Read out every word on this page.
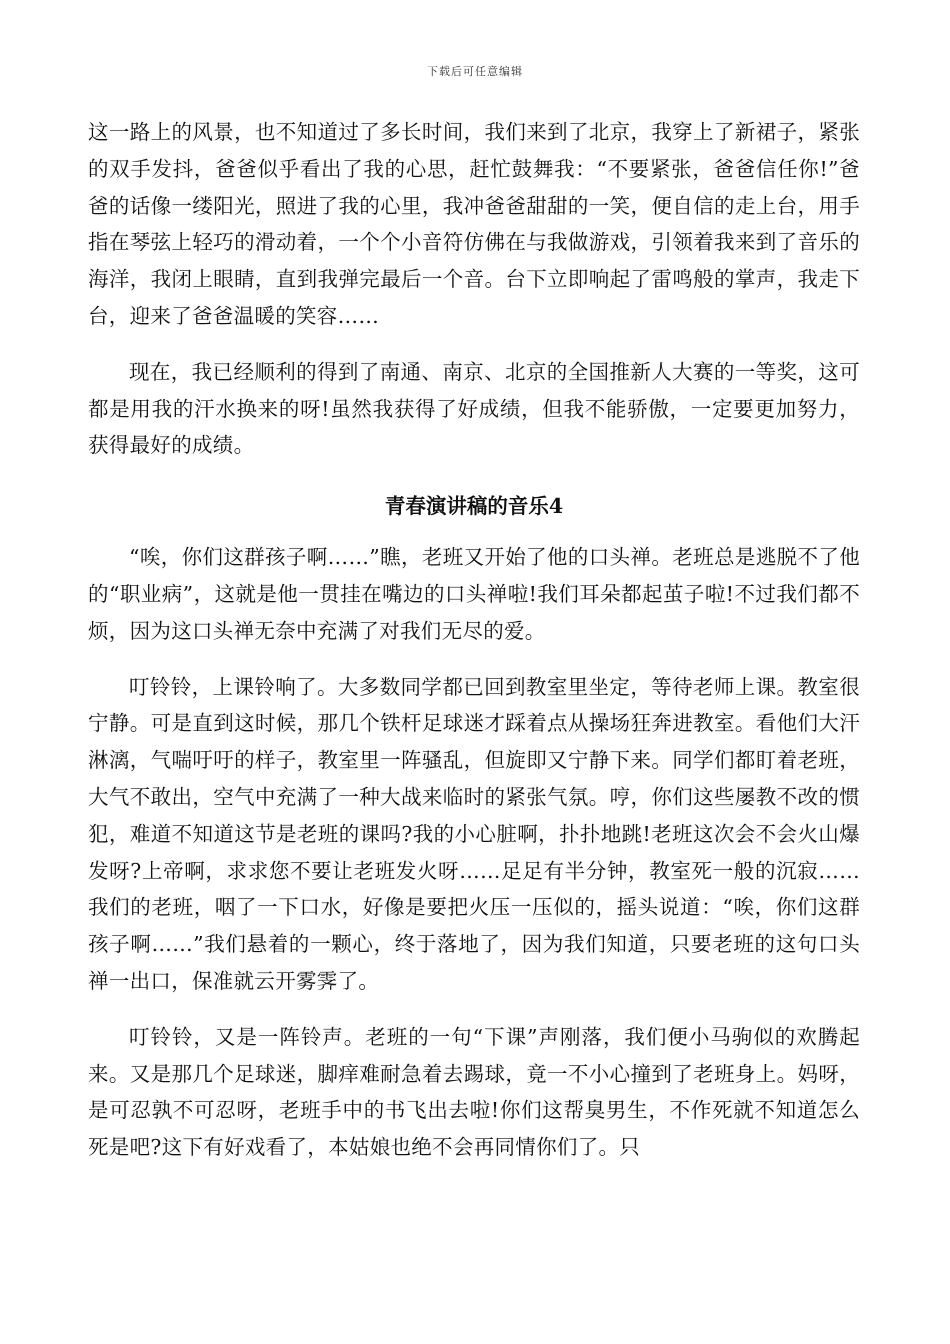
下载后可任意编辑

这一路上的风景，也不知道过了多长时间，我们来到了北京，我穿上了新裙子，紧张的双手发抖，爸爸似乎看出了我的心思，赶忙鼓舞我：“不要紧张，爸爸信任你!”爸爸的话像一缕阳光，照进了我的心里，我冲爸爸甜甜的一笑，便自信的走上台，用手指在琴弦上轻巧的滑动着，一个个小音符仿佛在与我做游戏，引领着我来到了音乐的海洋，我闭上眼睛，直到我弹完最后一个音。台下立即响起了雷鸣般的掌声，我走下台，迎来了爸爸温暖的笑容……

现在，我已经顺利的得到了南通、南京、北京的全国推新人大赛的一等奖，这可都是用我的汗水换来的呀!虽然我获得了好成绩，但我不能骄傲，一定要更加努力，获得最好的成绩。

青春演讲稿的音乐4

“唉，你们这群孩子啊……”瞧，老班又开始了他的口头禅。老班总是逃脱不了他的“职业病”，这就是他一贯挂在嘴边的口头禅啦!我们耳朵都起茧子啦!不过我们都不烦，因为这口头禅无奈中充满了对我们无尽的爱。

叮铃铃，上课铃响了。大多数同学都已回到教室里坐定，等待老师上课。教室很宁静。可是直到这时候，那几个铁杆足球迷才踩着点从操场狂奔进教室。看他们大汗淋漓，气喘吁吁的样子，教室里一阵骚乱，但旋即又宁静下来。同学们都盯着老班，大气不敢出，空气中充满了一种大战来临时的紧张气氛。哼，你们这些屡教不改的惯犯，难道不知道这节是老班的课吗?我的小心脏啊，扑扑地跳!老班这次会不会火山爆发呀?上帝啊，求求您不要让老班发火呀……足足有半分钟，教室死一般的沉寂……我们的老班，咽了一下口水，好像是要把火压一压似的，摇头说道：“唉，你们这群孩子啊……”我们悬着的一颗心，终于落地了，因为我们知道，只要老班的这句口头禅一出口，保准就云开雾霁了。

叮铃铃，又是一阵铃声。老班的一句“下课”声刚落，我们便小马驹似的欢腾起来。又是那几个足球迷，脚痒难耐急着去踢球，竟一不小心撞到了老班身上。妈呀，是可忍孰不可忍呀，老班手中的书飞出去啦!你们这帮臭男生，不作死就不知道怎么死是吧?这下有好戏看了，本姑娘也绝不会再同情你们了。只
